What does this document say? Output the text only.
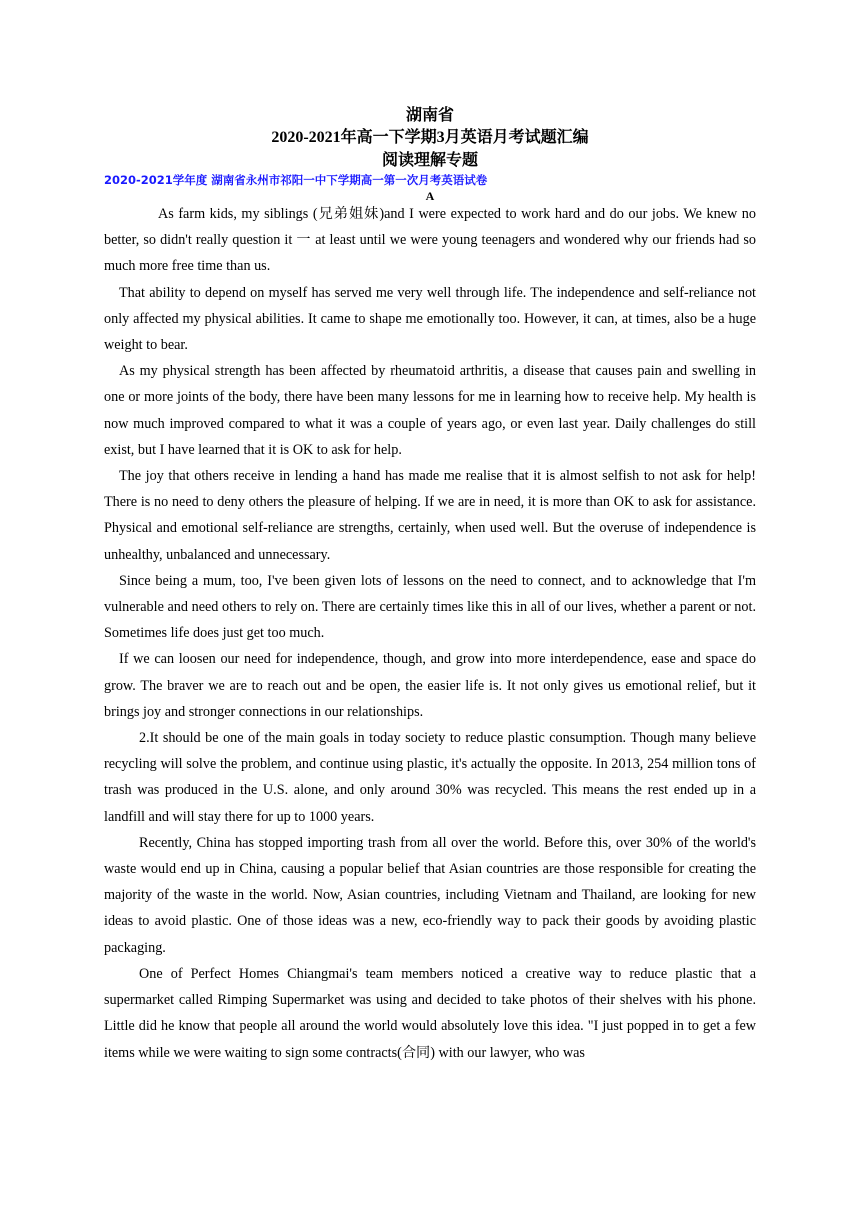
湖南省
2020-2021年高一下学期3月英语月考试题汇编
阅读理解专题
2020-2021学年度 湖南省永州市祁阳一中下学期高一第一次月考英语试卷
A

As farm kids, my siblings (兄弟姐妹)and I were expected to work hard and do our jobs. We knew no better, so didn't really question it 一 at least until we were young teenagers and wondered why our friends had so much more free time than us.

That ability to depend on myself has served me very well through life. The independence and self-reliance not only affected my physical abilities. It came to shape me emotionally too. However, it can, at times, also be a huge weight to bear.

As my physical strength has been affected by rheumatoid arthritis, a disease that causes pain and swelling in one or more joints of the body, there have been many lessons for me in learning how to receive help. My health is now much improved compared to what it was a couple of years ago, or even last year. Daily challenges do still exist, but I have learned that it is OK to ask for help.

The joy that others receive in lending a hand has made me realise that it is almost selfish to not ask for help! There is no need to deny others the pleasure of helping. If we are in need, it is more than OK to ask for assistance. Physical and emotional self-reliance are strengths, certainly, when used well. But the overuse of independence is unhealthy, unbalanced and unnecessary.

Since being a mum, too, I've been given lots of lessons on the need to connect, and to acknowledge that I'm vulnerable and need others to rely on. There are certainly times like this in all of our lives, whether a parent or not. Sometimes life does just get too much.

If we can loosen our need for independence, though, and grow into more interdependence, ease and space do grow. The braver we are to reach out and be open, the easier life is. It not only gives us emotional relief, but it brings joy and stronger connections in our relationships.

2.It should be one of the main goals in today society to reduce plastic consumption. Though many believe recycling will solve the problem, and continue using plastic, it's actually the opposite. In 2013, 254 million tons of trash was produced in the U.S. alone, and only around 30% was recycled. This means the rest ended up in a landfill and will stay there for up to 1000 years.

Recently, China has stopped importing trash from all over the world. Before this, over 30% of the world's waste would end up in China, causing a popular belief that Asian countries are those responsible for creating the majority of the waste in the world. Now, Asian countries, including Vietnam and Thailand, are looking for new ideas to avoid plastic. One of those ideas was a new, eco-friendly way to pack their goods by avoiding plastic packaging.

One of Perfect Homes Chiangmai's team members noticed a creative way to reduce plastic that a supermarket called Rimping Supermarket was using and decided to take photos of their shelves with his phone. Little did he know that people all around the world would absolutely love this idea. "I just popped in to get a few items while we were waiting to sign some contracts(合同) with our lawyer, who was
